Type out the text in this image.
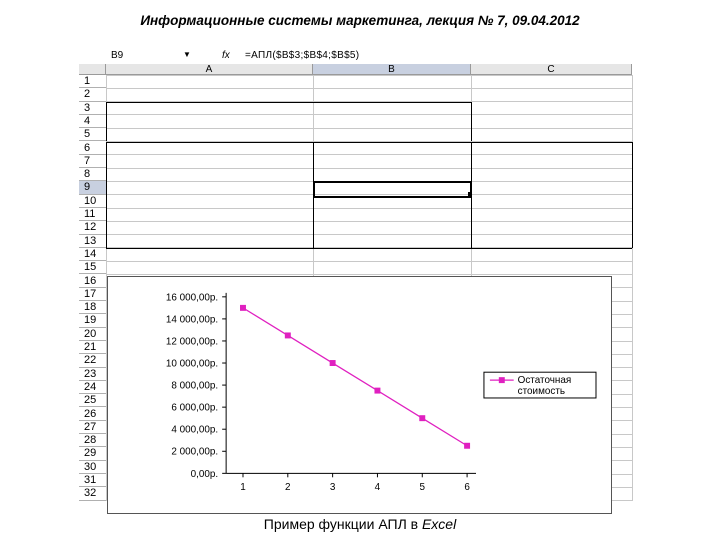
Информационные системы маркетинга, лекция № 7, 09.04.2012
B9	▼	fx =АПЛ($B$3;$B$4;$B$5)
A	B	C
1
2
3
4
5
6
7
8
9
10
11
12
13
14
15
16
17
18
19
20
21
22
23
24
25
26
27
28
29
30
31
32
0,00р.
2 000,00р.
4 000,00р.
6 000,00р.
8 000,00р.
10 000,00р.
12 000,00р.
14 000,00р.
16 000,00р.
1	2	3	4	5	6
Остаточная
стоимость
Пример функции АПЛ в Excel
